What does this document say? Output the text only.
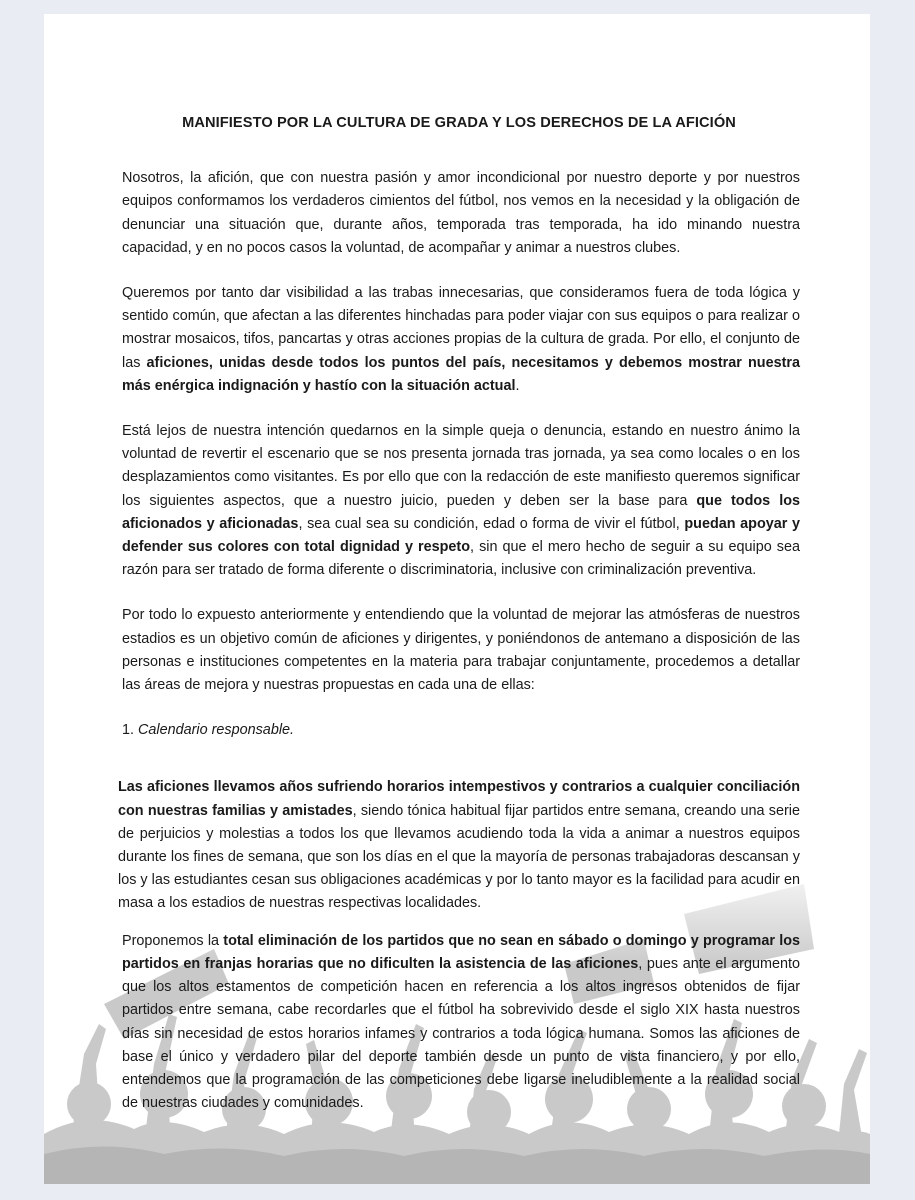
MANIFIESTO POR LA CULTURA DE GRADA Y LOS DERECHOS DE LA AFICIÓN

Nosotros, la afición, que con nuestra pasión y amor incondicional por nuestro deporte y por nuestros equipos conformamos los verdaderos cimientos del fútbol, nos vemos en la necesidad y la obligación de denunciar una situación que, durante años, temporada tras temporada, ha ido minando nuestra capacidad, y en no pocos casos la voluntad, de acompañar y animar a nuestros clubes.

Queremos por tanto dar visibilidad a las trabas innecesarias, que consideramos fuera de toda lógica y sentido común, que afectan a las diferentes hinchadas para poder viajar con sus equipos o para realizar o mostrar mosaicos, tifos, pancartas y otras acciones propias de la cultura de grada. Por ello, el conjunto de las aficiones, unidas desde todos los puntos del país, necesitamos y debemos mostrar nuestra más enérgica indignación y hastío con la situación actual.

Está lejos de nuestra intención quedarnos en la simple queja o denuncia, estando en nuestro ánimo la voluntad de revertir el escenario que se nos presenta jornada tras jornada, ya sea como locales o en los desplazamientos como visitantes. Es por ello que con la redacción de este manifiesto queremos significar los siguientes aspectos, que a nuestro juicio, pueden y deben ser la base para que todos los aficionados y aficionadas, sea cual sea su condición, edad o forma de vivir el fútbol, puedan apoyar y defender sus colores con total dignidad y respeto, sin que el mero hecho de seguir a su equipo sea razón para ser tratado de forma diferente o discriminatoria, inclusive con criminalización preventiva.

Por todo lo expuesto anteriormente y entendiendo que la voluntad de mejorar las atmósferas de nuestros estadios es un objetivo común de aficiones y dirigentes, y poniéndonos de antemano a disposición de las personas e instituciones competentes en la materia para trabajar conjuntamente, procedemos a detallar las áreas de mejora y nuestras propuestas en cada una de ellas:

1. Calendario responsable.

Las aficiones llevamos años sufriendo horarios intempestivos y contrarios a cualquier conciliación con nuestras familias y amistades, siendo tónica habitual fijar partidos entre semana, creando una serie de perjuicios y molestias a todos los que llevamos acudiendo toda la vida a animar a nuestros equipos durante los fines de semana, que son los días en el que la mayoría de personas trabajadoras descansan y los y las estudiantes cesan sus obligaciones académicas y por lo tanto mayor es la facilidad para acudir en masa a los estadios de nuestras respectivas localidades.

Proponemos la total eliminación de los partidos que no sean en sábado o domingo y programar los partidos en franjas horarias que no dificulten la asistencia de las aficiones, pues ante el argumento que los altos estamentos de competición hacen en referencia a los altos ingresos obtenidos de fijar partidos entre semana, cabe recordarles que el fútbol ha sobrevivido desde el siglo XIX hasta nuestros días sin necesidad de estos horarios infames y contrarios a toda lógica humana. Somos las aficiones de base el único y verdadero pilar del deporte también desde un punto de vista financiero, y por ello, entendemos que la programación de las competiciones debe ligarse ineludiblemente a la realidad social de nuestras ciudades y comunidades.
